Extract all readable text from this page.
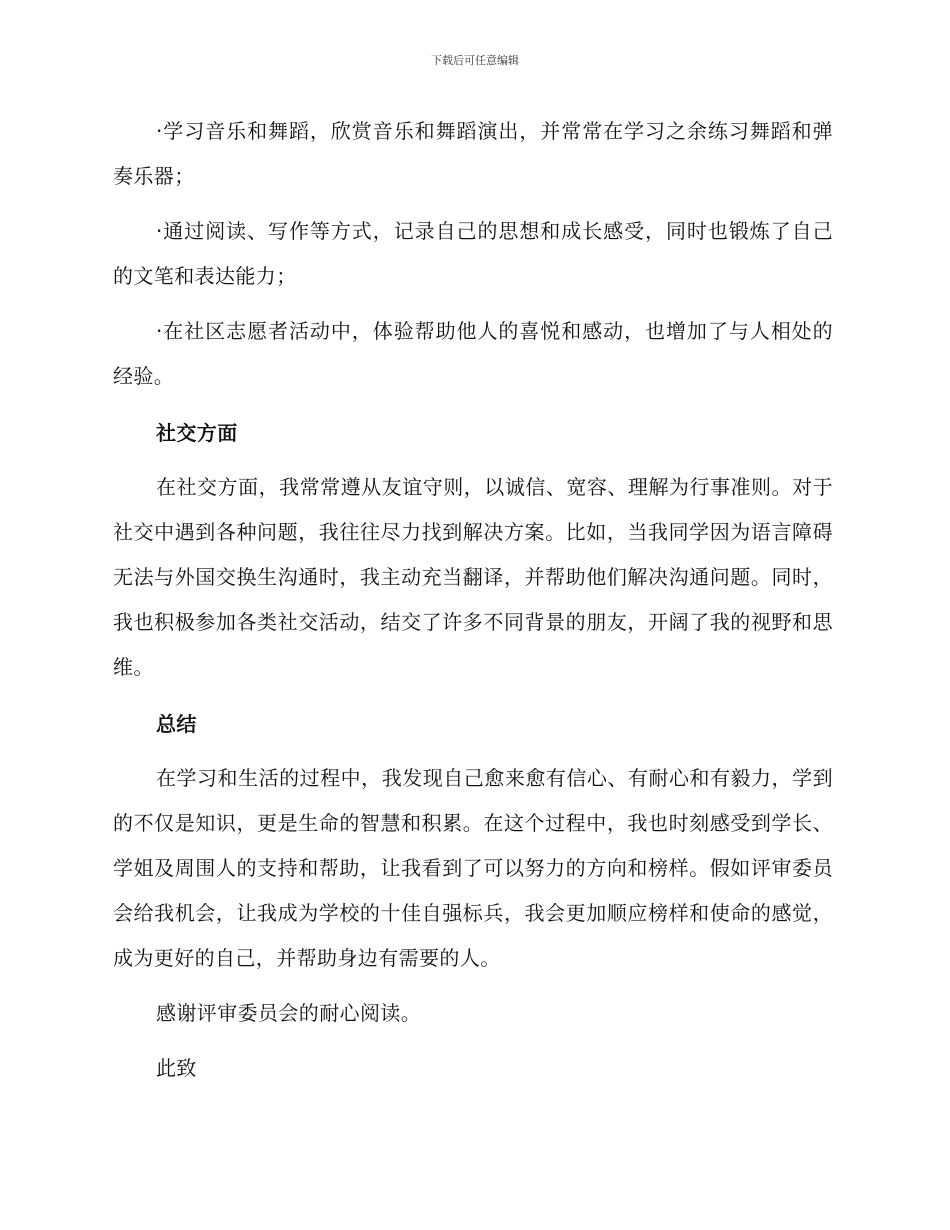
下载后可任意编辑

·学习音乐和舞蹈，欣赏音乐和舞蹈演出，并常常在学习之余练习舞蹈和弹奏乐器；

·通过阅读、写作等方式，记录自己的思想和成长感受，同时也锻炼了自己的文笔和表达能力；

·在社区志愿者活动中，体验帮助他人的喜悦和感动，也增加了与人相处的经验。

社交方面

在社交方面，我常常遵从友谊守则，以诚信、宽容、理解为行事准则。对于社交中遇到各种问题，我往往尽力找到解决方案。比如，当我同学因为语言障碍无法与外国交换生沟通时，我主动充当翻译，并帮助他们解决沟通问题。同时，我也积极参加各类社交活动，结交了许多不同背景的朋友，开阔了我的视野和思维。

总结

在学习和生活的过程中，我发现自己愈来愈有信心、有耐心和有毅力，学到的不仅是知识，更是生命的智慧和积累。在这个过程中，我也时刻感受到学长、学姐及周围人的支持和帮助，让我看到了可以努力的方向和榜样。假如评审委员会给我机会，让我成为学校的十佳自强标兵，我会更加顺应榜样和使命的感觉，成为更好的自己，并帮助身边有需要的人。

感谢评审委员会的耐心阅读。

此致
